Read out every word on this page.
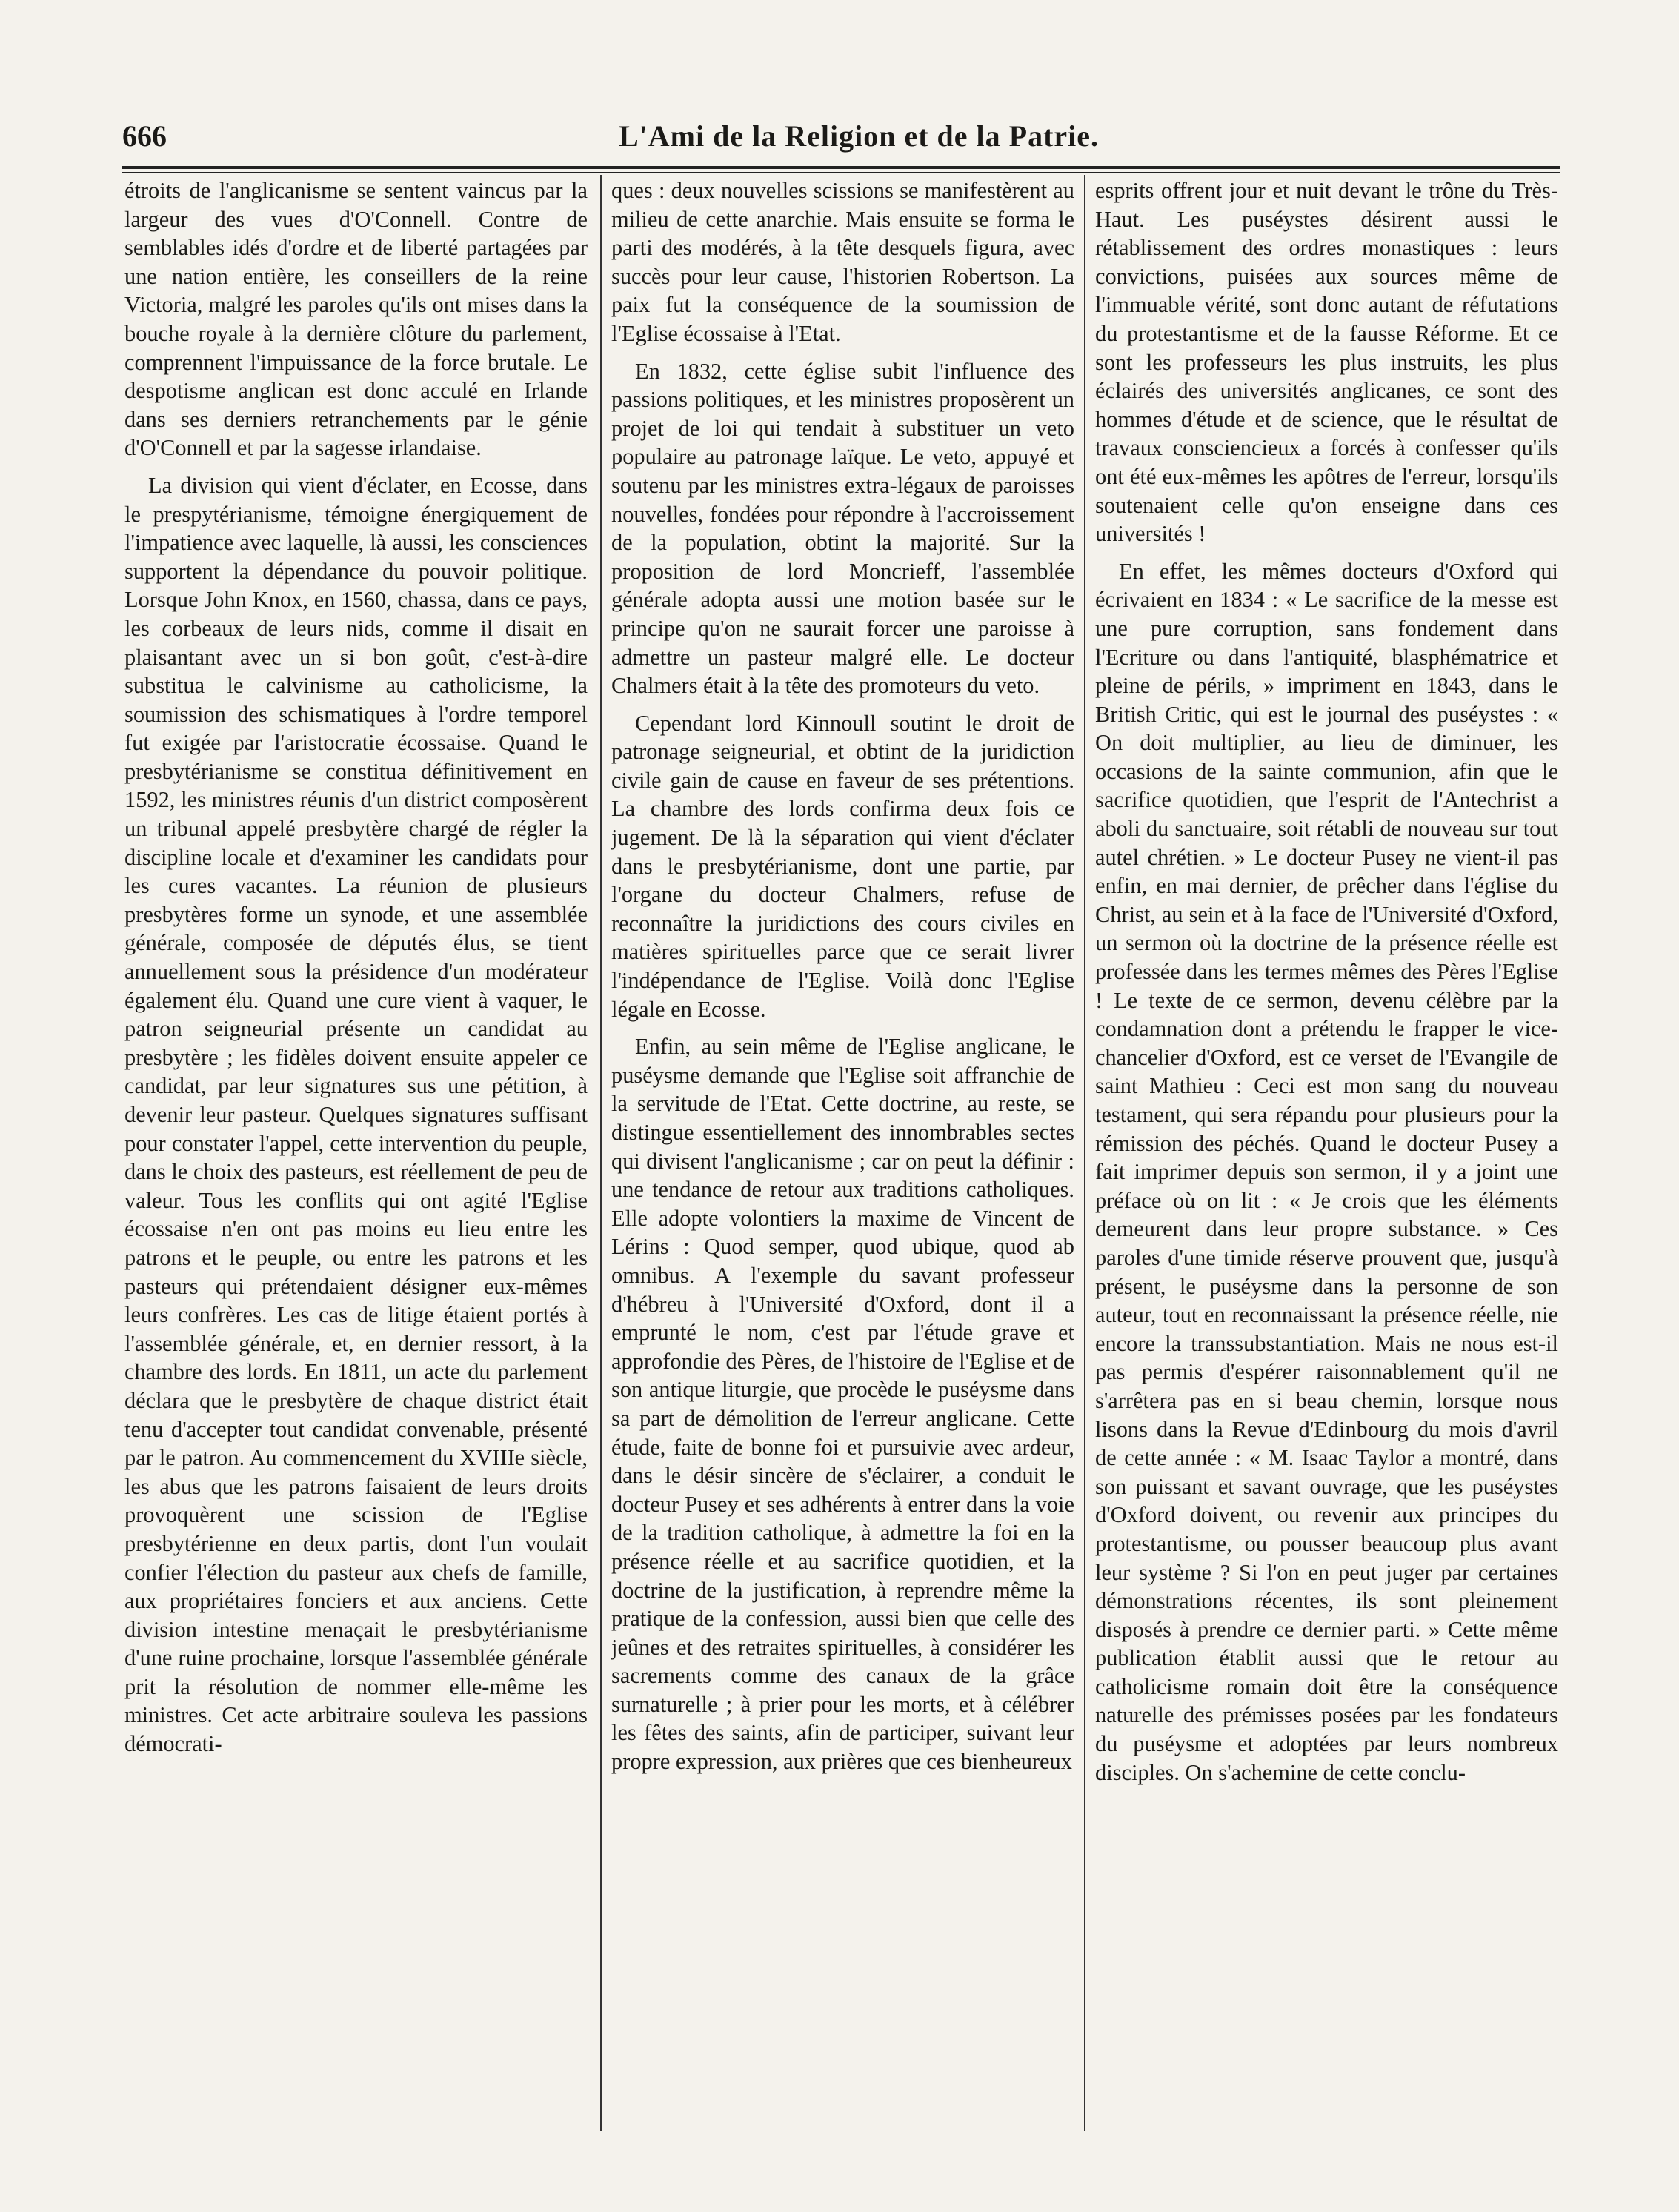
666	L'Ami de la Religion et de la Patrie.

étroits de l'anglicanisme se sentent vaincus par la largeur des vues d'O'Connell. Contre de semblables idés d'ordre et de liberté partagées par une nation entière, les conseillers de la reine Victoria, malgré les paroles qu'ils ont mises dans la bouche royale à la dernière clôture du parlement, comprennent l'impuissance de la force brutale. Le despotisme anglican est donc acculé en Irlande dans ses derniers retranchements par le génie d'O'Connell et par la sagesse irlandaise.

La division qui vient d'éclater, en Ecosse, dans le prespytérianisme, témoigne énergiquement de l'impatience avec laquelle, là aussi, les consciences supportent la dépendance du pouvoir politique. Lorsque John Knox, en 1560, chassa, dans ce pays, les corbeaux de leurs nids, comme il disait en plaisantant avec un si bon goût, c'est-à-dire substitua le calvinisme au catholicisme, la soumission des schismatiques à l'ordre temporel fut exigée par l'aristocratie écossaise. Quand le presbytérianisme se constitua définitivement en 1592, les ministres réunis d'un district composèrent un tribunal appelé presbytère chargé de régler la discipline locale et d'examiner les candidats pour les cures vacantes. La réunion de plusieurs presbytères forme un synode, et une assemblée générale, composée de députés élus, se tient annuellement sous la présidence d'un modérateur également élu. Quand une cure vient à vaquer, le patron seigneurial présente un candidat au presbytère ; les fidèles doivent ensuite appeler ce candidat, par leur signatures sus une pétition, à devenir leur pasteur. Quelques signatures suffisant pour constater l'appel, cette intervention du peuple, dans le choix des pasteurs, est réellement de peu de valeur. Tous les conflits qui ont agité l'Eglise écossaise n'en ont pas moins eu lieu entre les patrons et le peuple, ou entre les patrons et les pasteurs qui prétendaient désigner eux-mêmes leurs confrères. Les cas de litige étaient portés à l'assemblée générale, et, en dernier ressort, à la chambre des lords. En 1811, un acte du parlement déclara que le presbytère de chaque district était tenu d'accepter tout candidat convenable, présenté par le patron. Au commencement du XVIIIe siècle, les abus que les patrons faisaient de leurs droits provoquèrent une scission de l'Eglise presbytérienne en deux partis, dont l'un voulait confier l'élection du pasteur aux chefs de famille, aux propriétaires fonciers et aux anciens. Cette division intestine menaçait le presbytérianisme d'une ruine prochaine, lorsque l'assemblée générale prit la résolution de nommer elle-même les ministres. Cet acte arbitraire souleva les passions démocrati-

ques : deux nouvelles scissions se manifestèrent au milieu de cette anarchie. Mais ensuite se forma le parti des modérés, à la tête desquels figura, avec succès pour leur cause, l'historien Robertson. La paix fut la conséquence de la soumission de l'Eglise écossaise à l'Etat.

En 1832, cette église subit l'influence des passions politiques, et les ministres proposèrent un projet de loi qui tendait à substituer un veto populaire au patronage laïque. Le veto, appuyé et soutenu par les ministres extra-légaux de paroisses nouvelles, fondées pour répondre à l'accroissement de la population, obtint la majorité. Sur la proposition de lord Moncrieff, l'assemblée générale adopta aussi une motion basée sur le principe qu'on ne saurait forcer une paroisse à admettre un pasteur malgré elle. Le docteur Chalmers était à la tête des promoteurs du veto.

Cependant lord Kinnoull soutint le droit de patronage seigneurial, et obtint de la juridiction civile gain de cause en faveur de ses prétentions. La chambre des lords confirma deux fois ce jugement. De là la séparation qui vient d'éclater dans le presbytérianisme, dont une partie, par l'organe du docteur Chalmers, refuse de reconnaître la juridictions des cours civiles en matières spirituelles parce que ce serait livrer l'indépendance de l'Eglise. Voilà donc l'Eglise légale en Ecosse.

Enfin, au sein même de l'Eglise anglicane, le puséysme demande que l'Eglise soit affranchie de la servitude de l'Etat. Cette doctrine, au reste, se distingue essentiellement des innombrables sectes qui divisent l'anglicanisme ; car on peut la définir : une tendance de retour aux traditions catholiques. Elle adopte volontiers la maxime de Vincent de Lérins : Quod semper, quod ubique, quod ab omnibus. A l'exemple du savant professeur d'hébreu à l'Université d'Oxford, dont il a emprunté le nom, c'est par l'étude grave et approfondie des Pères, de l'histoire de l'Eglise et de son antique liturgie, que procède le puséysme dans sa part de démolition de l'erreur anglicane. Cette étude, faite de bonne foi et pursuivie avec ardeur, dans le désir sincère de s'éclairer, a conduit le docteur Pusey et ses adhérents à entrer dans la voie de la tradition catholique, à admettre la foi en la présence réelle et au sacrifice quotidien, et la doctrine de la justification, à reprendre même la pratique de la confession, aussi bien que celle des jeûnes et des retraites spirituelles, à considérer les sacrements comme des canaux de la grâce surnaturelle ; à prier pour les morts, et à célébrer les fêtes des saints, afin de participer, suivant leur propre expression, aux prières que ces bienheureux

esprits offrent jour et nuit devant le trône du Très-Haut. Les puséystes désirent aussi le rétablissement des ordres monastiques : leurs convictions, puisées aux sources même de l'immuable vérité, sont donc autant de réfutations du protestantisme et de la fausse Réforme. Et ce sont les professeurs les plus instruits, les plus éclairés des universités anglicanes, ce sont des hommes d'étude et de science, que le résultat de travaux consciencieux a forcés à confesser qu'ils ont été eux-mêmes les apôtres de l'erreur, lorsqu'ils soutenaient celle qu'on enseigne dans ces universités !

En effet, les mêmes docteurs d'Oxford qui écrivaient en 1834 : « Le sacrifice de la messe est une pure corruption, sans fondement dans l'Ecriture ou dans l'antiquité, blasphématrice et pleine de périls, » impriment en 1843, dans le British Critic, qui est le journal des puséystes : « On doit multiplier, au lieu de diminuer, les occasions de la sainte communion, afin que le sacrifice quotidien, que l'esprit de l'Antechrist a aboli du sanctuaire, soit rétabli de nouveau sur tout autel chrétien. » Le docteur Pusey ne vient-il pas enfin, en mai dernier, de prêcher dans l'église du Christ, au sein et à la face de l'Université d'Oxford, un sermon où la doctrine de la présence réelle est professée dans les termes mêmes des Pères l'Eglise ! Le texte de ce sermon, devenu célèbre par la condamnation dont a prétendu le frapper le vice-chancelier d'Oxford, est ce verset de l'Evangile de saint Mathieu : Ceci est mon sang du nouveau testament, qui sera répandu pour plusieurs pour la rémission des péchés. Quand le docteur Pusey a fait imprimer depuis son sermon, il y a joint une préface où on lit : « Je crois que les éléments demeurent dans leur propre substance. » Ces paroles d'une timide réserve prouvent que, jusqu'à présent, le puséysme dans la personne de son auteur, tout en reconnaissant la présence réelle, nie encore la transsubstantiation. Mais ne nous est-il pas permis d'espérer raisonnablement qu'il ne s'arrêtera pas en si beau chemin, lorsque nous lisons dans la Revue d'Edinbourg du mois d'avril de cette année : « M. Isaac Taylor a montré, dans son puissant et savant ouvrage, que les puséystes d'Oxford doivent, ou revenir aux principes du protestantisme, ou pousser beaucoup plus avant leur système ? Si l'on en peut juger par certaines démonstrations récentes, ils sont pleinement disposés à prendre ce dernier parti. » Cette même publication établit aussi que le retour au catholicisme romain doit être la conséquence naturelle des prémisses posées par les fondateurs du puséysme et adoptées par leurs nombreux disciples. On s'achemine de cette conclu-
